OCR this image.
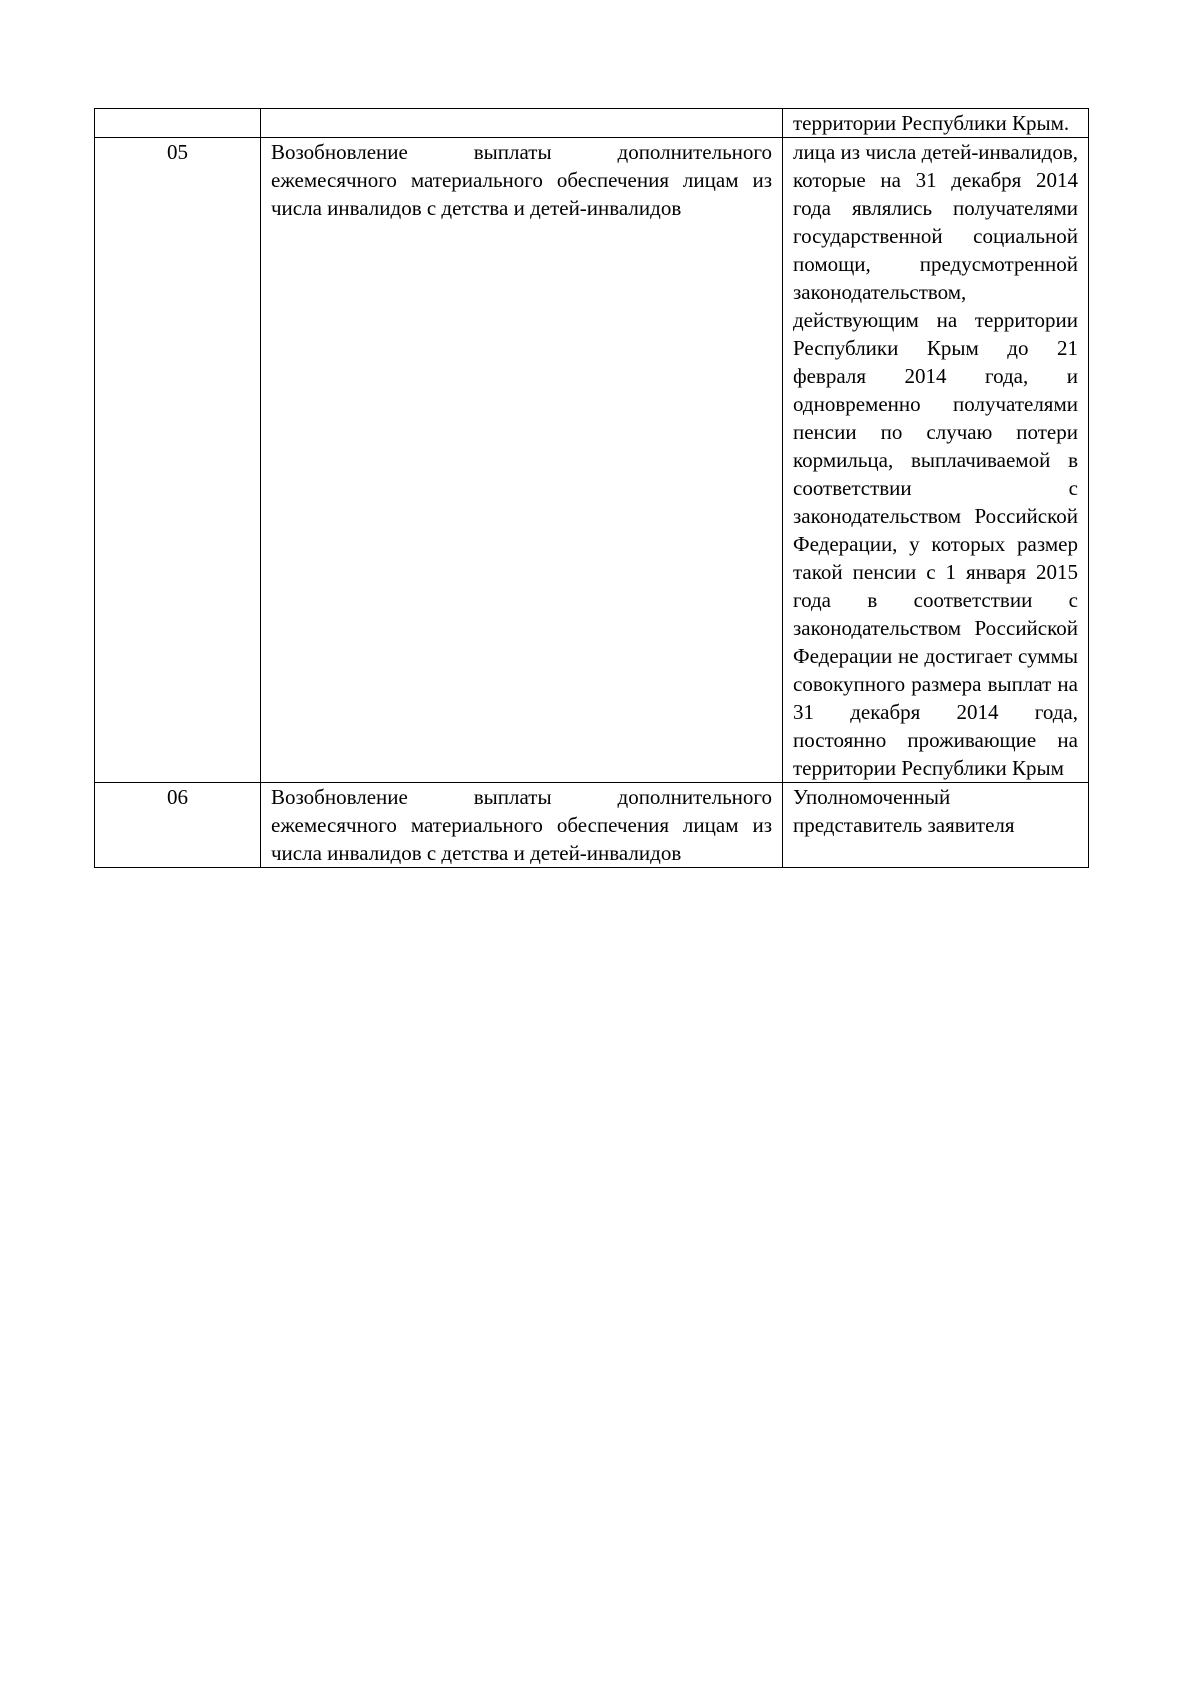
		территории Республики Крым.
05	Возобновление выплаты дополнительного ежемесячного материального обеспечения лицам из числа инвалидов с детства и детей-инвалидов	лица из числа детей-инвалидов, которые на 31 декабря 2014 года являлись получателями государственной социальной помощи, предусмотренной законодательством, действующим на территории Республики Крым до 21 февраля 2014 года, и одновременно получателями пенсии по случаю потери кормильца, выплачиваемой в соответствии с законодательством Российской Федерации, у которых размер такой пенсии с 1 января 2015 года в соответствии с законодательством Российской Федерации не достигает суммы совокупного размера выплат на 31 декабря 2014 года, постоянно проживающие на территории Республики Крым
06	Возобновление выплаты дополнительного ежемесячного материального обеспечения лицам из числа инвалидов с детства и детей-инвалидов	Уполномоченный представитель заявителя
